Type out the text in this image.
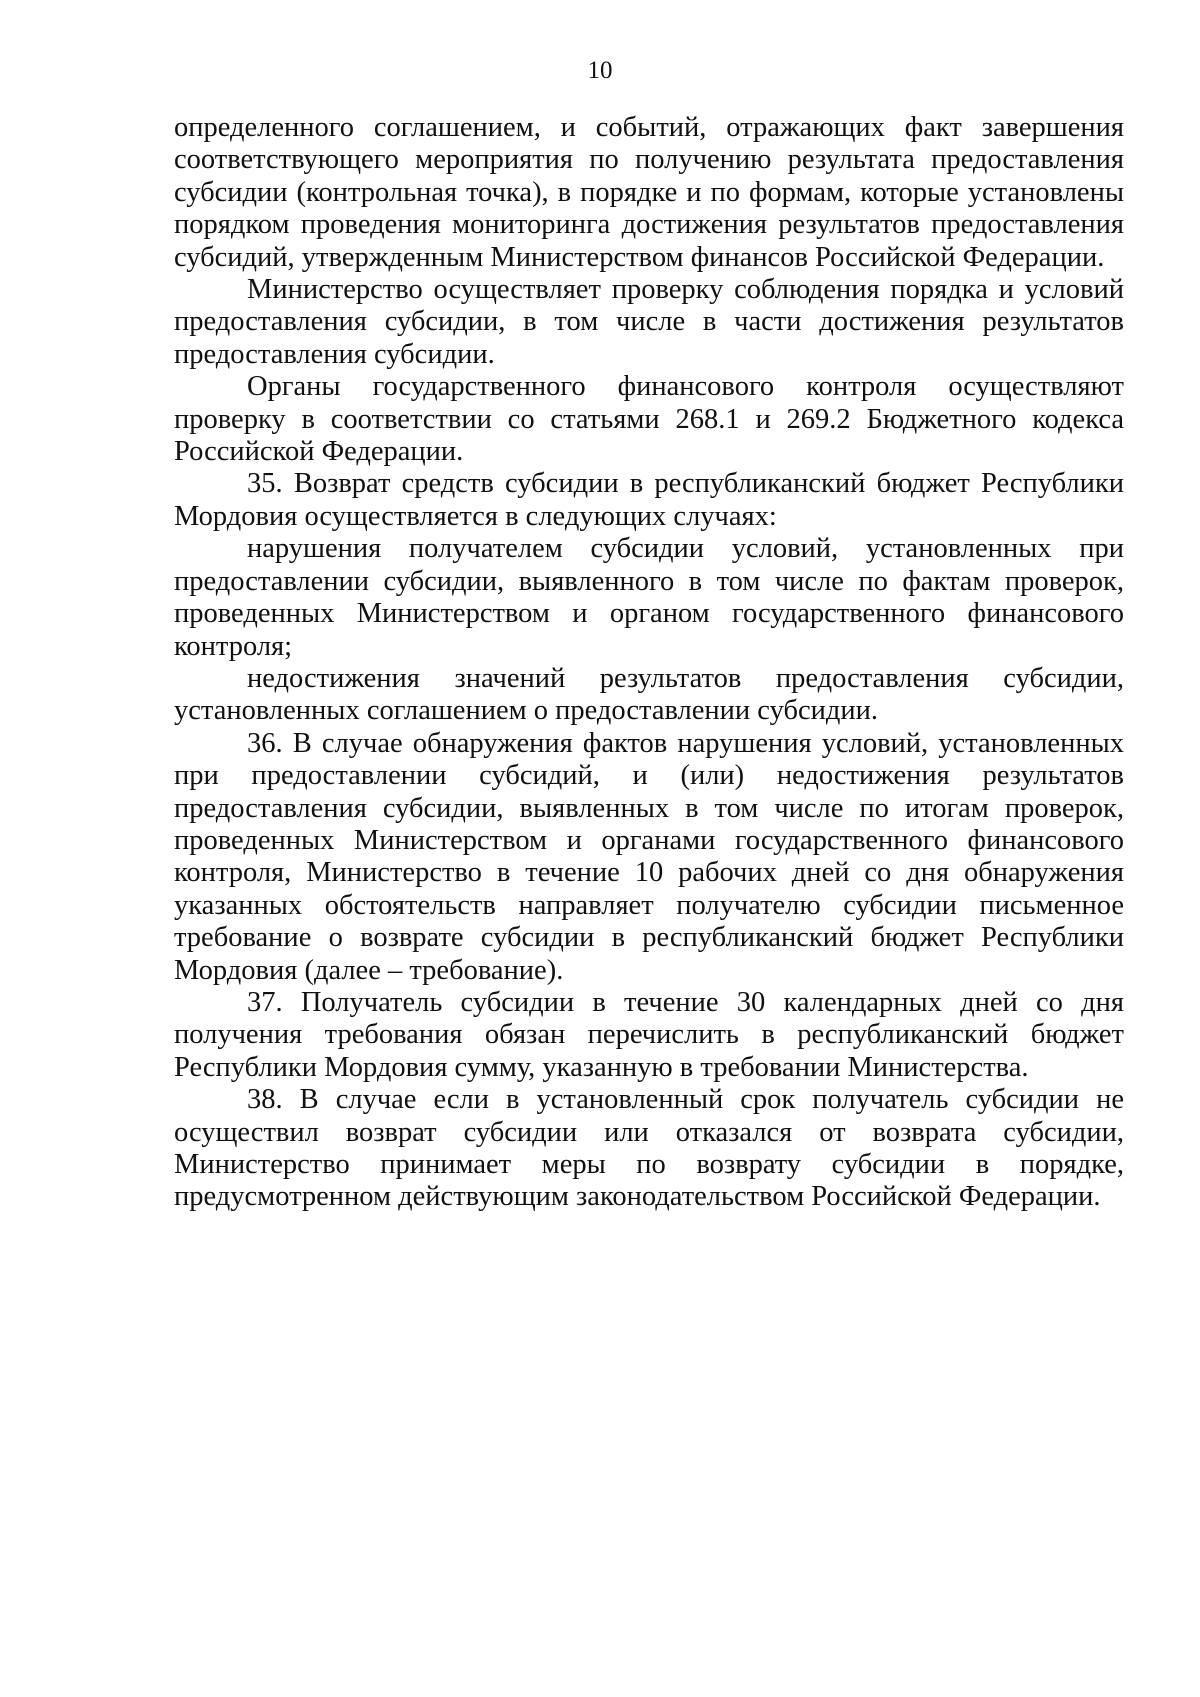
10

определенного соглашением, и событий, отражающих факт завершения соответствующего мероприятия по получению результата предоставления субсидии (контрольная точка), в порядке и по формам, которые установлены порядком проведения мониторинга достижения результатов предоставления субсидий, утвержденным Министерством финансов Российской Федерации.

Министерство осуществляет проверку соблюдения порядка и условий предоставления субсидии, в том числе в части достижения результатов предоставления субсидии.

Органы государственного финансового контроля осуществляют проверку в соответствии со статьями 268.1 и 269.2 Бюджетного кодекса Российской Федерации.

35. Возврат средств субсидии в республиканский бюджет Республики Мордовия осуществляется в следующих случаях:

нарушения получателем субсидии условий, установленных при предоставлении субсидии, выявленного в том числе по фактам проверок, проведенных Министерством и органом государственного финансового контроля;

недостижения значений результатов предоставления субсидии, установленных соглашением о предоставлении субсидии.

36. В случае обнаружения фактов нарушения условий, установленных при предоставлении субсидий, и (или) недостижения результатов предоставления субсидии, выявленных в том числе по итогам проверок, проведенных Министерством и органами государственного финансового контроля, Министерство в течение 10 рабочих дней со дня обнаружения указанных обстоятельств направляет получателю субсидии письменное требование о возврате субсидии в республиканский бюджет Республики Мордовия (далее – требование).

37. Получатель субсидии в течение 30 календарных дней со дня получения требования обязан перечислить в республиканский бюджет Республики Мордовия сумму, указанную в требовании Министерства.

38. В случае если в установленный срок получатель субсидии не осуществил возврат субсидии или отказался от возврата субсидии, Министерство принимает меры по возврату субсидии в порядке, предусмотренном действующим законодательством Российской Федерации.
